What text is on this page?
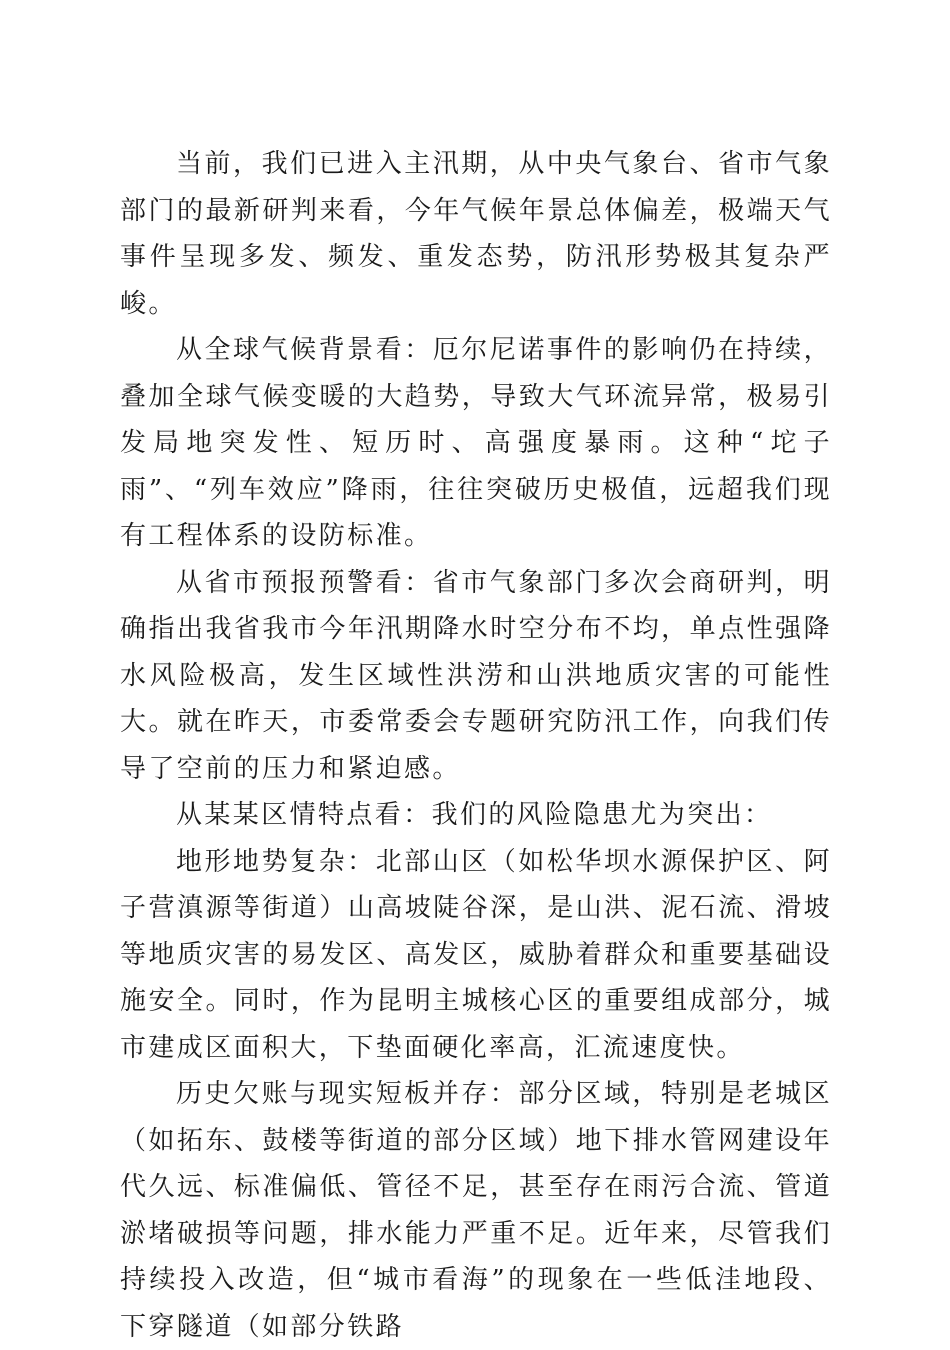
当前，我们已进入主汛期，从中央气象台、省市气象部门的最新研判来看，今年气候年景总体偏差，极端天气事件呈现多发、频发、重发态势，防汛形势极其复杂严峻。

从全球气候背景看：厄尔尼诺事件的影响仍在持续，叠加全球气候变暖的大趋势，导致大气环流异常，极易引发局地突发性、短历时、高强度暴雨。这种“坨子雨”、“列车效应”降雨，往往突破历史极值，远超我们现有工程体系的设防标准。

从省市预报预警看：省市气象部门多次会商研判，明确指出我省我市今年汛期降水时空分布不均，单点性强降水风险极高，发生区域性洪涝和山洪地质灾害的可能性大。就在昨天，市委常委会专题研究防汛工作，向我们传导了空前的压力和紧迫感。

从某某区情特点看：我们的风险隐患尤为突出：

地形地势复杂：北部山区（如松华坝水源保护区、阿子营滇源等街道）山高坡陡谷深，是山洪、泥石流、滑坡等地质灾害的易发区、高发区，威胁着群众和重要基础设施安全。同时，作为昆明主城核心区的重要组成部分，城市建成区面积大，下垫面硬化率高，汇流速度快。

历史欠账与现实短板并存：部分区域，特别是老城区（如拓东、鼓楼等街道的部分区域）地下排水管网建设年代久远、标准偏低、管径不足，甚至存在雨污合流、管道淤堵破损等问题，排水能力严重不足。近年来，尽管我们持续投入改造，但“城市看海”的现象在一些低洼地段、下穿隧道（如部分铁路
